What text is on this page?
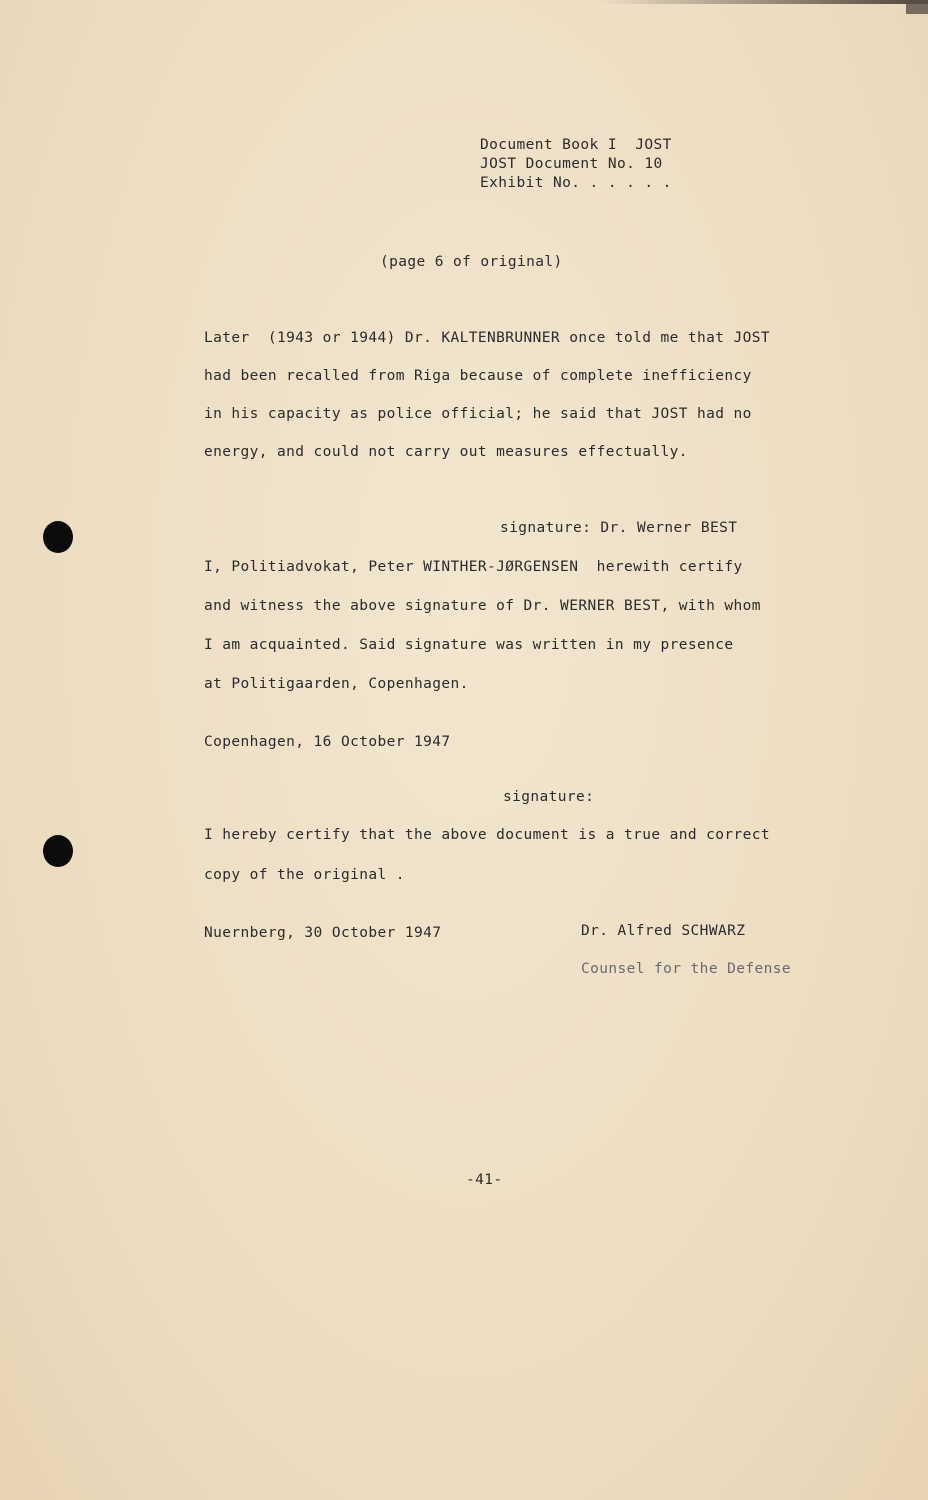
Document Book I  JOST
JOST Document No. 10
Exhibit No. . . . . .
(page 6 of original)
Later  (1943 or 1944) Dr. KALTENBRUNNER once told me that JOST
had been recalled from Riga because of complete inefficiency
in his capacity as police official; he said that JOST had no
energy, and could not carry out measures effectually.
signature: Dr. Werner BEST
I, Politiadvokat, Peter WINTHER-JØRGENSEN  herewith certify
and witness the above signature of Dr. WERNER BEST, with whom
I am acquainted. Said signature was written in my presence
at Politigaarden, Copenhagen.
Copenhagen, 16 October 1947
signature:
I hereby certify that the above document is a true and correct
copy of the original .
Nuernberg, 30 October 1947	Dr. Alfred SCHWARZ
Counsel for the Defense
-41-
